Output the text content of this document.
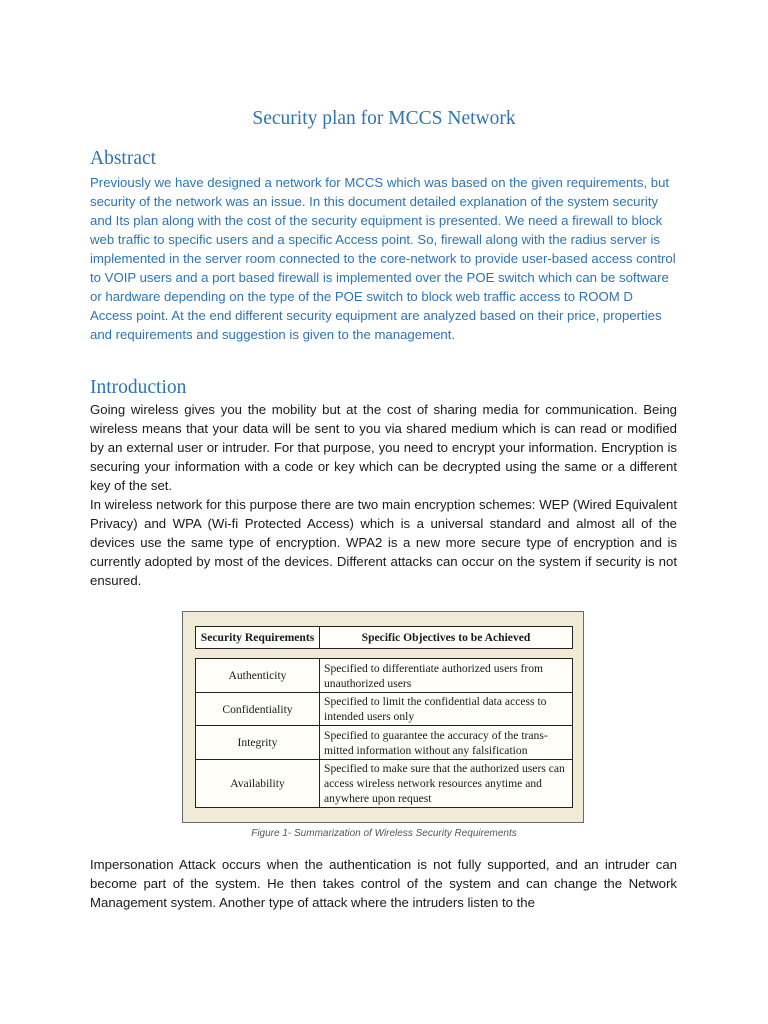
Security plan for MCCS Network
Abstract
Previously we have designed a network for MCCS which was based on the given requirements, but security of the network was an issue. In this document detailed explanation of the system security and Its plan along with the cost of the security equipment is presented. We need a firewall to block web traffic to specific users and a specific Access point. So, firewall along with the radius server is implemented in the server room connected to the core-network to provide user-based access control to VOIP users and a port based firewall is implemented over the POE switch which can be software or hardware depending on the type of the POE switch to block web traffic access to ROOM D Access point. At the end different security equipment are analyzed based on their price, properties and requirements and suggestion is given to the management.
Introduction

Going wireless gives you the mobility but at the cost of sharing media for communication. Being wireless means that your data will be sent to you via shared medium which is can read or modified by an external user or intruder. For that purpose, you need to encrypt your information. Encryption is securing your information with a code or key which can be decrypted using the same or a different key of the set.

In wireless network for this purpose there are two main encryption schemes: WEP (Wired Equivalent Privacy) and WPA (Wi-fi Protected Access) which is a universal standard and almost all of the devices use the same type of encryption. WPA2 is a new more secure type of encryption and is currently adopted by most of the devices. Different attacks can occur on the system if security is not ensured.

Security Requirements	Specific Objectives to be Achieved
Authenticity	Specified to differentiate authorized users from unauthorized users
Confidentiality	Specified to limit the confidential data access to intended users only
Integrity	Specified to guarantee the accuracy of the trans-mitted information without any falsification
Availability	Specified to make sure that the authorized users can access wireless network resources anytime and anywhere upon request
Figure 1- Summarization of Wireless Security Requirements

Impersonation Attack occurs when the authentication is not fully supported, and an intruder can become part of the system. He then takes control of the system and can change the Network Management system. Another type of attack where the intruders listen to the
